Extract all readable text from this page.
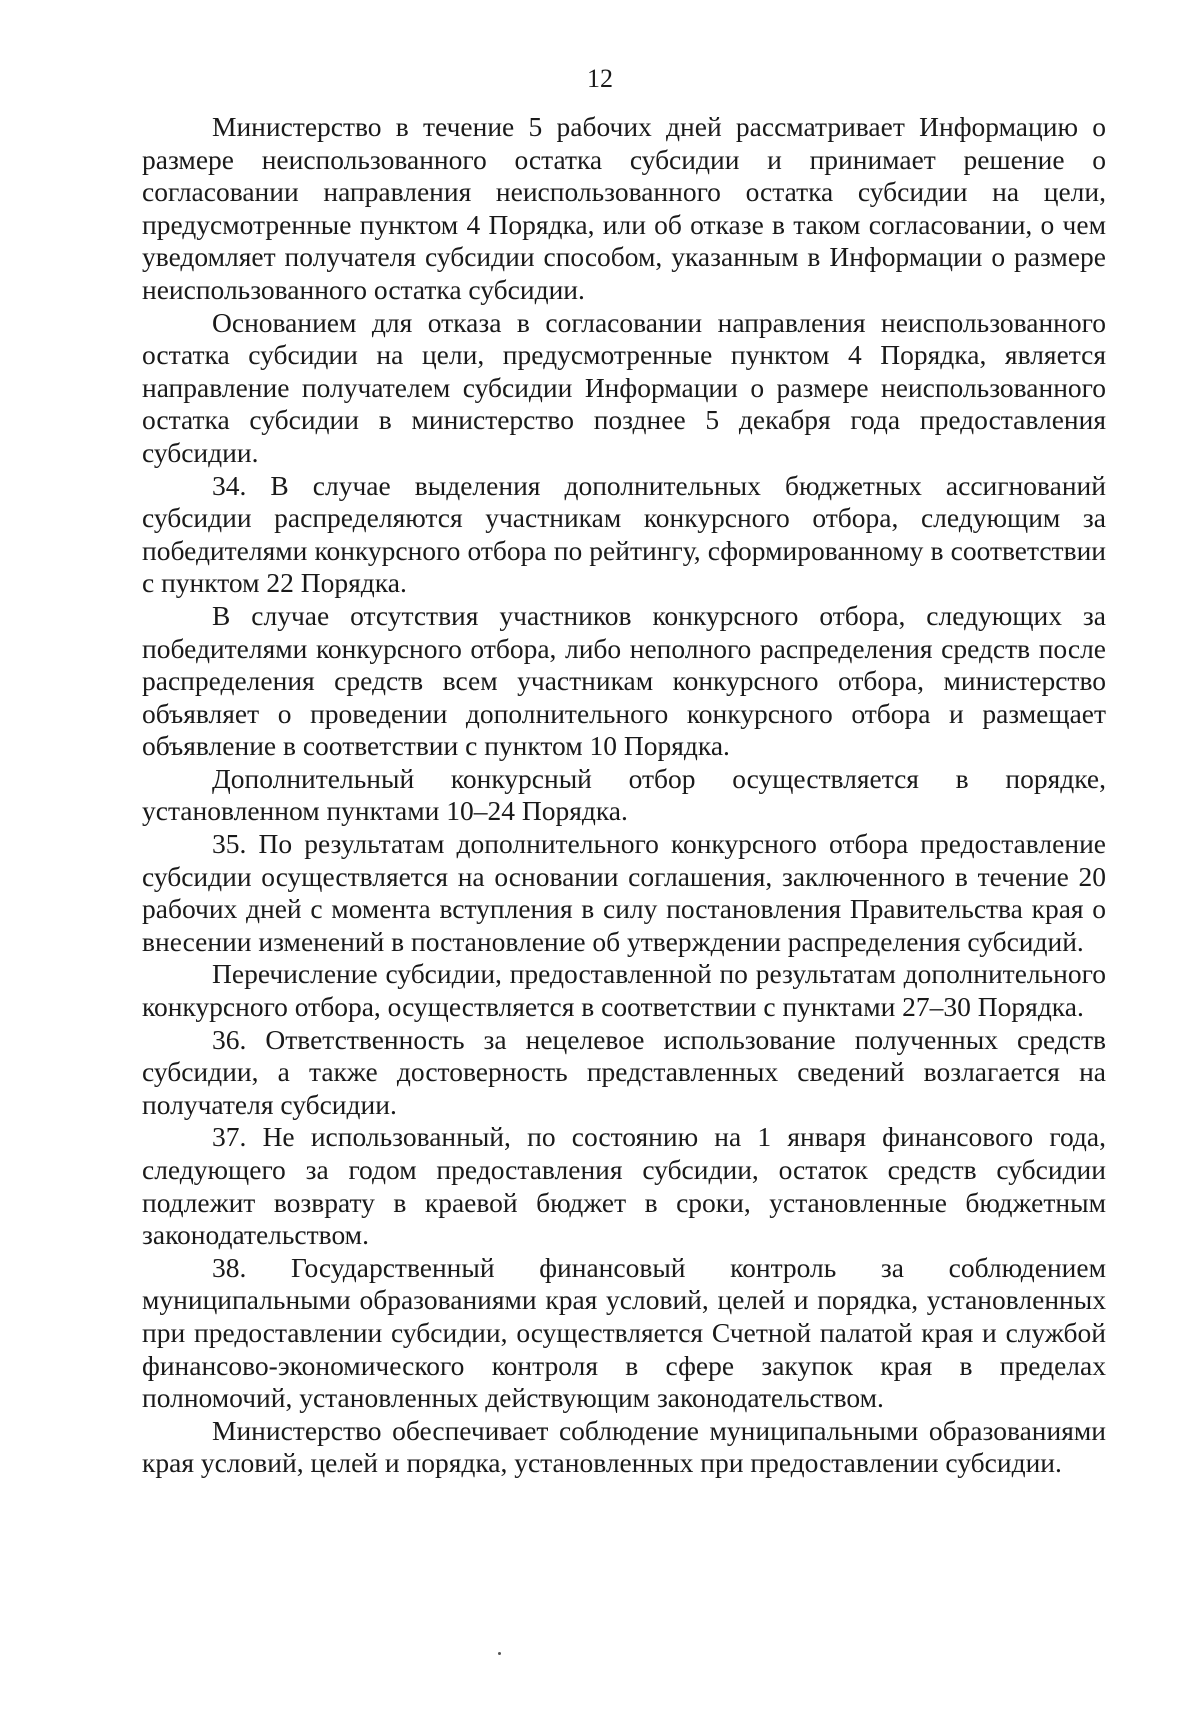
12

Министерство в течение 5 рабочих дней рассматривает Информацию о размере неиспользованного остатка субсидии и принимает решение о согласовании направления неиспользованного остатка субсидии на цели, предусмотренные пунктом 4 Порядка, или об отказе в таком согласовании, о чем уведомляет получателя субсидии способом, указанным в Информации о размере неиспользованного остатка субсидии.

Основанием для отказа в согласовании направления неиспользованного остатка субсидии на цели, предусмотренные пунктом 4 Порядка, является направление получателем субсидии Информации о размере неиспользованного остатка субсидии в министерство позднее 5 декабря года предоставления субсидии.

34. В случае выделения дополнительных бюджетных ассигнований субсидии распределяются участникам конкурсного отбора, следующим за победителями конкурсного отбора по рейтингу, сформированному в соответствии с пунктом 22 Порядка.

В случае отсутствия участников конкурсного отбора, следующих за победителями конкурсного отбора, либо неполного распределения средств после распределения средств всем участникам конкурсного отбора, министерство объявляет о проведении дополнительного конкурсного отбора и размещает объявление в соответствии с пунктом 10 Порядка.

Дополнительный конкурсный отбор осуществляется в порядке, установленном пунктами 10–24 Порядка.

35. По результатам дополнительного конкурсного отбора предоставление субсидии осуществляется на основании соглашения, заключенного в течение 20 рабочих дней с момента вступления в силу постановления Правительства края о внесении изменений в постановление об утверждении распределения субсидий.

Перечисление субсидии, предоставленной по результатам дополнительного конкурсного отбора, осуществляется в соответствии с пунктами 27–30 Порядка.

36. Ответственность за нецелевое использование полученных средств субсидии, а также достоверность представленных сведений возлагается на получателя субсидии.

37. Не использованный, по состоянию на 1 января финансового года, следующего за годом предоставления субсидии, остаток средств субсидии подлежит возврату в краевой бюджет в сроки, установленные бюджетным законодательством.

38. Государственный финансовый контроль за соблюдением муниципальными образованиями края условий, целей и порядка, установленных при предоставлении субсидии, осуществляется Счетной палатой края и службой финансово-экономического контроля в сфере закупок края в пределах полномочий, установленных действующим законодательством.

Министерство обеспечивает соблюдение муниципальными образованиями края условий, целей и порядка, установленных при предоставлении субсидии.
